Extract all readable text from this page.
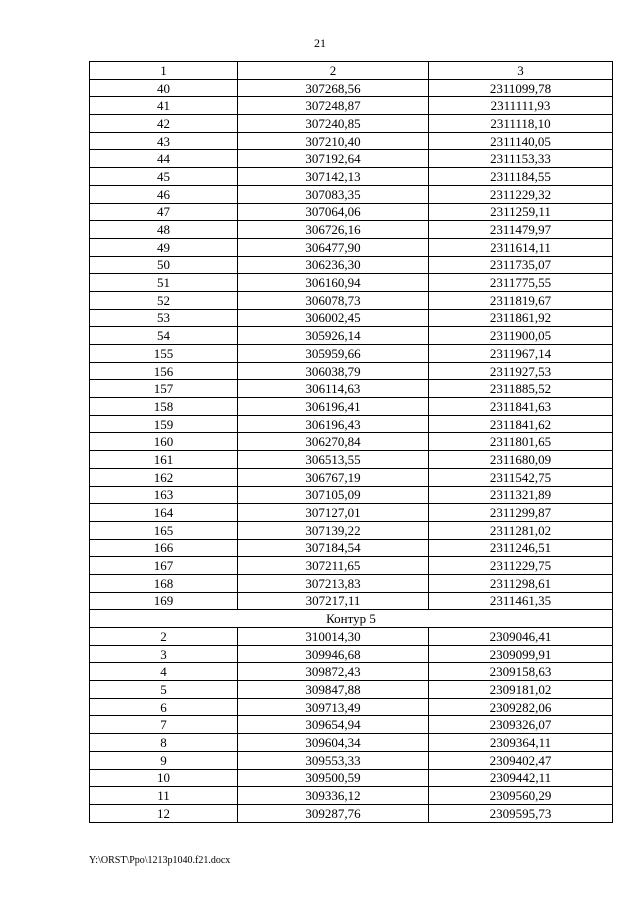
21
1	2	3
40	307268,56	2311099,78
41	307248,87	2311111,93
42	307240,85	2311118,10
43	307210,40	2311140,05
44	307192,64	2311153,33
45	307142,13	2311184,55
46	307083,35	2311229,32
47	307064,06	2311259,11
48	306726,16	2311479,97
49	306477,90	2311614,11
50	306236,30	2311735,07
51	306160,94	2311775,55
52	306078,73	2311819,67
53	306002,45	2311861,92
54	305926,14	2311900,05
155	305959,66	2311967,14
156	306038,79	2311927,53
157	306114,63	2311885,52
158	306196,41	2311841,63
159	306196,43	2311841,62
160	306270,84	2311801,65
161	306513,55	2311680,09
162	306767,19	2311542,75
163	307105,09	2311321,89
164	307127,01	2311299,87
165	307139,22	2311281,02
166	307184,54	2311246,51
167	307211,65	2311229,75
168	307213,83	2311298,61
169	307217,11	2311461,35
Контур 5		
2	310014,30	2309046,41
3	309946,68	2309099,91
4	309872,43	2309158,63
5	309847,88	2309181,02
6	309713,49	2309282,06
7	309654,94	2309326,07
8	309604,34	2309364,11
9	309553,33	2309402,47
10	309500,59	2309442,11
11	309336,12	2309560,29
12	309287,76	2309595,73
Y:\ORST\Ppo\1213p1040.f21.docx
